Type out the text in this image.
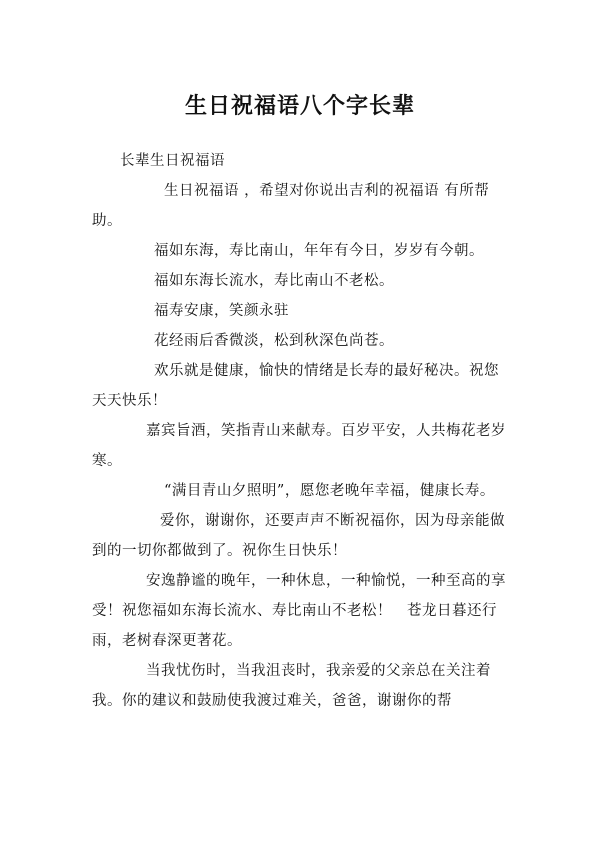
生日祝福语八个字长辈

长辈生日祝福语

生日祝福语 ，希望对你说出吉利的祝福语 有所帮助。

福如东海，寿比南山，年年有今日，岁岁有今朝。

福如东海长流水，寿比南山不老松。

福寿安康，笑颜永驻

花经雨后香微淡，松到秋深色尚苍。

欢乐就是健康，愉快的情绪是长寿的最好秘决。祝您天天快乐！

嘉宾旨酒，笑指青山来献寿。百岁平安，人共梅花老岁寒。

“满目青山夕照明”，愿您老晚年幸福，健康长寿。

爱你，谢谢你，还要声声不断祝福你，因为母亲能做到的一切你都做到了。祝你生日快乐！

安逸静谧的晚年，一种休息，一种愉悦，一种至高的享受！祝您福如东海长流水、寿比南山不老松！　苍龙日暮还行雨，老树春深更著花。

当我忧伤时，当我沮丧时，我亲爱的父亲总在关注着我。你的建议和鼓励使我渡过难关，爸爸，谢谢你的帮
